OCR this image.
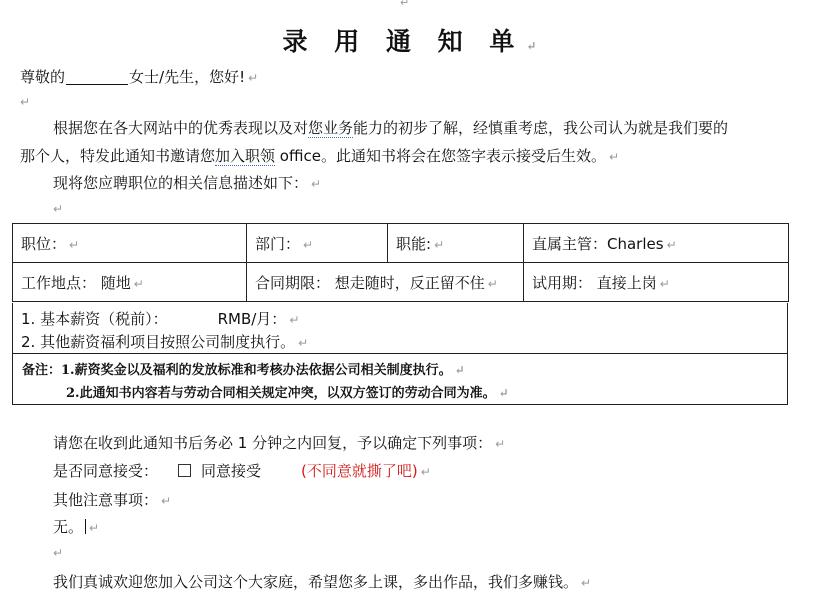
↵
录 用 通 知 单 ↵
尊敬的	女士/先生，您好! ↵
↵
根据您在各大网站中的优秀表现以及对您业务能力的初步了解，经慎重考虑，我公司认为就是我们要的
那个人，特发此通知书邀请您加入职领 office。此通知书将会在您签字表示接受后生效。 ↵
现将您应聘职位的相关信息描述如下： ↵
↵
职位： ↵	部门： ↵	职能: ↵	直属主管：Charles ↵
工作地点： 随地 ↵	合同期限： 想走随时，反正留不住 ↵		试用期： 直接上岗 ↵
1. 基本薪资（税前）：	RMB/月： ↵
2. 其他薪资福利项目按照公司制度执行。 ↵
备注：1.薪资奖金以及福利的发放标准和考核办法依据公司相关制度执行。 ↵
2.此通知书内容若与劳动合同相关规定冲突，以双方签订的劳动合同为准。 ↵
请您在收到此通知书后务必 1 分钟之内回复，予以确定下列事项： ↵
是否同意接受：	同意接受	(不同意就撕了吧) ↵
其他注意事项： ↵
无。 ↵
↵
我们真诚欢迎您加入公司这个大家庭，希望您多上课，多出作品，我们多赚钱。 ↵
